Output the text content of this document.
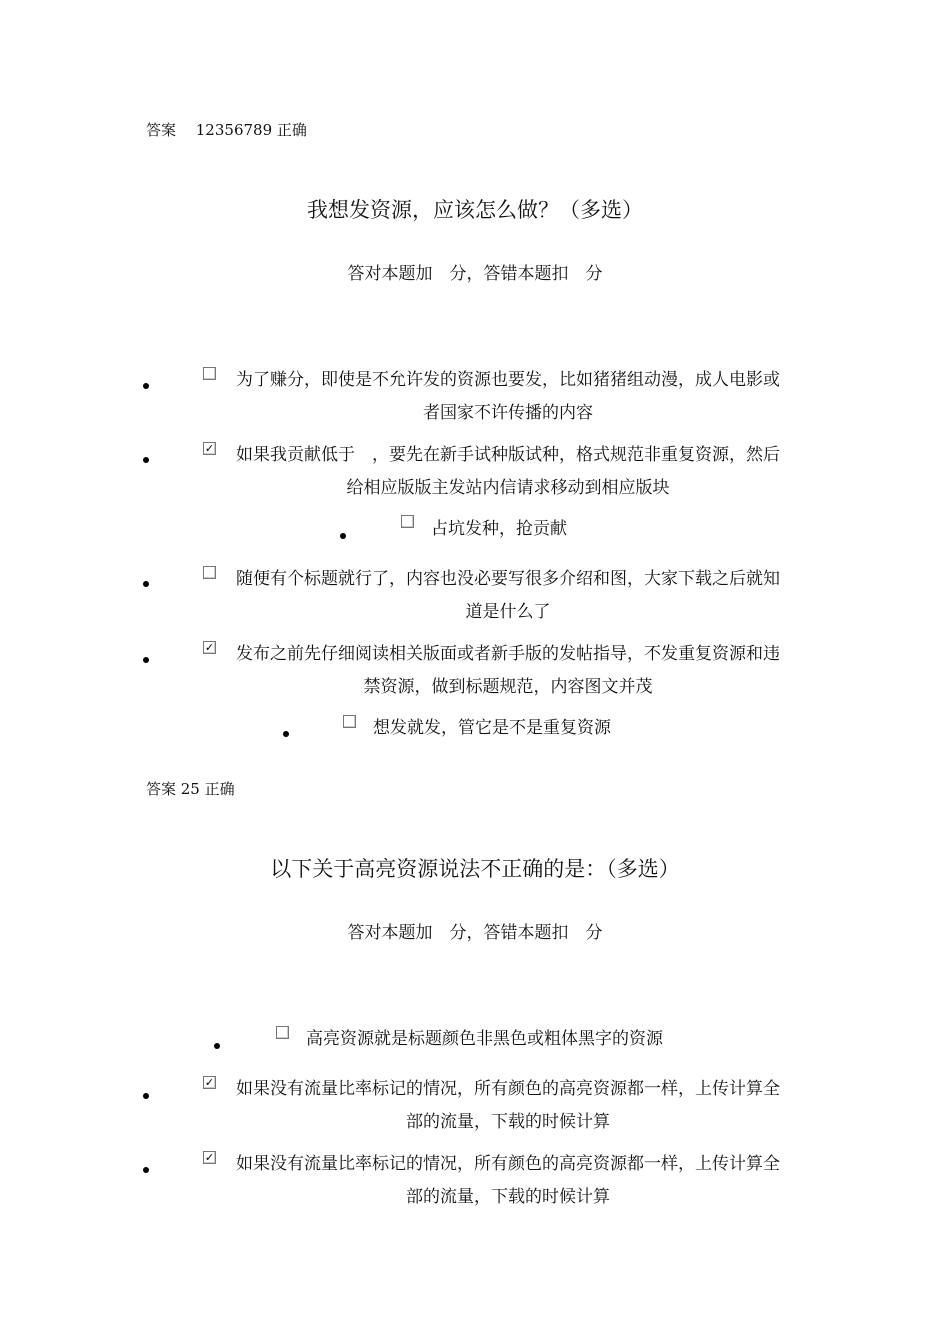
答案　 12356789 正确
我想发资源，应该怎么做？（多选）
答对本题加　分，答错本题扣　分
为了赚分，即使是不允许发的资源也要发，比如猪猪组动漫，成人电影或者国家不许传播的内容
✓ 如果我贡献低于　，要先在新手试种版试种，格式规范非重复资源，然后给相应版版主发站内信请求移动到相应版块
占坑发种，抢贡献
随便有个标题就行了，内容也没必要写很多介绍和图，大家下载之后就知道是什么了
✓ 发布之前先仔细阅读相关版面或者新手版的发帖指导，不发重复资源和违禁资源，做到标题规范，内容图文并茂
想发就发，管它是不是重复资源
答案 25 正确
以下关于高亮资源说法不正确的是：（多选）
答对本题加　分，答错本题扣　分
高亮资源就是标题颜色非黑色或粗体黑字的资源
✓ 如果没有流量比率标记的情况，所有颜色的高亮资源都一样，上传计算全部的流量，下载的时候计算
✓ 如果没有流量比率标记的情况，所有颜色的高亮资源都一样，上传计算全部的流量，下载的时候计算
